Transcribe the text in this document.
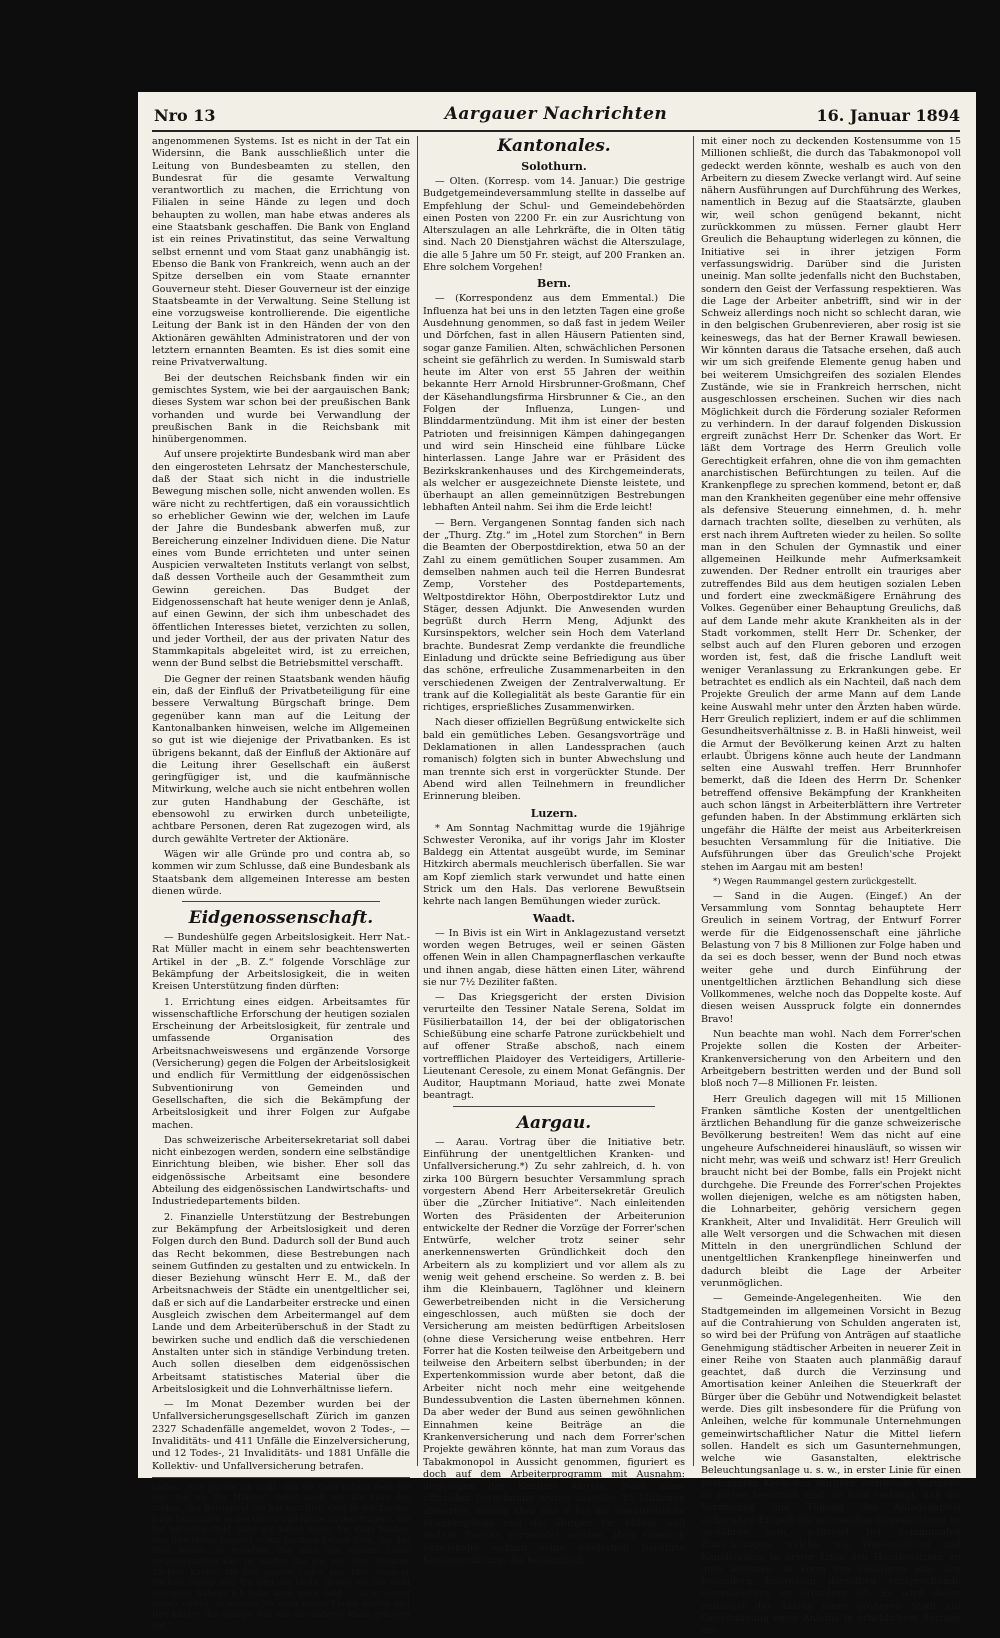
Nro 13	Aargauer Nachrichten	16. Januar 1894

angenommenen Systems. Ist es nicht in der Tat ein Widersinn, die Bank ausschließlich unter die Leitung von Bundesbeamten zu stellen, den Bundesrat für die gesamte Verwaltung verantwortlich zu machen, die Errichtung von Filialen in seine Hände zu legen und doch behaupten zu wollen, man habe etwas anderes als eine Staatsbank geschaffen. Die Bank von England ist ein reines Privatinstitut, das seine Verwaltung selbst ernennt und vom Staat ganz unabhängig ist. Ebenso die Bank von Frankreich, wenn auch an der Spitze derselben ein vom Staate ernannter Gouverneur steht. Dieser Gouverneur ist der einzige Staatsbeamte in der Verwaltung. Seine Stellung ist eine vorzugsweise kontrollierende. Die eigentliche Leitung der Bank ist in den Händen der von den Aktionären gewählten Administratoren und der von letztern ernannten Beamten. Es ist dies somit eine reine Privatverwaltung.

Bei der deutschen Reichsbank finden wir ein gemischtes System, wie bei der aargauischen Bank; dieses System war schon bei der preußischen Bank vorhanden und wurde bei Verwandlung der preußischen Bank in die Reichsbank mit hinübergenommen.

Auf unsere projektirte Bundesbank wird man aber den eingerosteten Lehrsatz der Manchesterschule, daß der Staat sich nicht in die industrielle Bewegung mischen solle, nicht anwenden wollen. Es wäre nicht zu rechtfertigen, daß ein voraussichtlich so erheblicher Gewinn wie der, welchen im Laufe der Jahre die Bundesbank abwerfen muß, zur Bereicherung einzelner Individuen diene. Die Natur eines vom Bunde errichteten und unter seinen Auspicien verwalteten Instituts verlangt von selbst, daß dessen Vortheile auch der Gesammtheit zum Gewinn gereichen. Das Budget der Eidgenossenschaft hat heute weniger denn je Anlaß, auf einen Gewinn, der sich ihm unbeschadet des öffentlichen Interesses bietet, verzichten zu sollen, und jeder Vortheil, der aus der privaten Natur des Stammkapitals abgeleitet wird, ist zu erreichen, wenn der Bund selbst die Betriebsmittel verschafft.

Die Gegner der reinen Staatsbank wenden häufig ein, daß der Einfluß der Privatbeteiligung für eine bessere Verwaltung Bürgschaft bringe. Dem gegenüber kann man auf die Leitung der Kantonalbanken hinweisen, welche im Allgemeinen so gut ist wie diejenige der Privatbanken. Es ist übrigens bekannt, daß der Einfluß der Aktionäre auf die Leitung ihrer Gesellschaft ein äußerst geringfügiger ist, und die kaufmännische Mitwirkung, welche auch sie nicht entbehren wollen zur guten Handhabung der Geschäfte, ist ebensowohl zu erwirken durch unbeteiligte, achtbare Personen, deren Rat zugezogen wird, als durch gewählte Vertreter der Aktionäre.

Wägen wir alle Gründe pro und contra ab, so kommen wir zum Schlusse, daß eine Bundesbank als Staatsbank dem allgemeinen Interesse am besten dienen würde.

Eidgenossenschaft.

— Bundeshülfe gegen Arbeitslosigkeit. Herr Nat.-Rat Müller macht in einem sehr beachtenswerten Artikel in der „B. Z.“ folgende Vorschläge zur Bekämpfung der Arbeitslosigkeit, die in weiten Kreisen Unterstützung finden dürften:

1. Errichtung eines eidgen. Arbeitsamtes für wissenschaftliche Erforschung der heutigen sozialen Erscheinung der Arbeitslosigkeit, für zentrale und umfassende Organisation des Arbeitsnachweiswesens und ergänzende Vorsorge (Versicherung) gegen die Folgen der Arbeitslosigkeit und endlich für Vermittlung der eidgenössischen Subventionirung von Gemeinden und Gesellschaften, die sich die Bekämpfung der Arbeitslosigkeit und ihrer Folgen zur Aufgabe machen.

Das schweizerische Arbeitersekretariat soll dabei nicht einbezogen werden, sondern eine selbständige Einrichtung bleiben, wie bisher. Eher soll das eidgenössische Arbeitsamt eine besondere Abteilung des eidgenössischen Landwirtschafts- und Industriedepartements bilden.

2. Finanzielle Unterstützung der Bestrebungen zur Bekämpfung der Arbeitslosigkeit und deren Folgen durch den Bund. Dadurch soll der Bund auch das Recht bekommen, diese Bestrebungen nach seinem Gutfinden zu gestalten und zu entwickeln. In dieser Beziehung wünscht Herr E. M., daß der Arbeitsnachweis der Städte ein unentgeltlicher sei, daß er sich auf die Landarbeiter erstrecke und einen Ausgleich zwischen dem Arbeitermangel auf dem Lande und dem Arbeiterüberschuß in der Stadt zu bewirken suche und endlich daß die verschiedenen Anstalten unter sich in ständige Verbindung treten. Auch sollen dieselben dem eidgenössischen Arbeitsamt statistisches Material über die Arbeitslosigkeit und die Lohnverhältnisse liefern.

— Im Monat Dezember wurden bei der Unfallversicherungsgesellschaft Zürich im ganzen 2327 Schadenfälle angemeldet, wovon 2 Todes-, — Invaliditäts- und 411 Unfälle die Einzelversicherung, und 12 Todes-, 21 Invaliditäts- und 1881 Unfälle die Kollektiv- und Unfallversicherung betrafen.

Laden. „Das glaube ich wohl, daß Sie Geld haben! Seht Sie nur 'mal an, Ihr Männer! Gebet auch nur die Frau des Diebes, des Betrügers! Sie hat natürlich Geld in der Tasche, trägt Diamanten in den Ohren und Ringe an den Fingern. Sie hat natürlich Geld, aber wir haben keins. Sie kann kaufen, was ihre Herze begehrt — wir besitzen keinen Cent, um das Brot wieder zu erstehen, das man uns unserm Leibe weggeschnitten hat. Ja, kaufen Sie nur ein, Mrs. Spencer Tucker! Kaufen Sie den ganzen Laden aus, Mrs. Spencer Tucker! Hören Sie! Wo sind die Leute, denen Sie das Geld gestohlen haben? Ich habe auch mein Geld — nicht genug haben sollten, so können Sie auch meine Kinder kaufen und Ihre Kinder, das einzige, was uns Ihr sauberer Mann gelassen hat.“

Kantonales.
Solothurn.

— Olten. (Korresp. vom 14. Januar.) Die gestrige Budgetgemeindeversammlung stellte in dasselbe auf Empfehlung der Schul- und Gemeindebehörden einen Posten von 2200 Fr. ein zur Ausrichtung von Alterszulagen an alle Lehrkräfte, die in Olten tätig sind. Nach 20 Dienstjahren wächst die Alterszulage, die alle 5 Jahre um 50 Fr. steigt, auf 200 Franken an. Ehre solchem Vorgehen!

Bern.

— (Korrespondenz aus dem Emmental.) Die Influenza hat bei uns in den letzten Tagen eine große Ausdehnung genommen, so daß fast in jedem Weiler und Dörfchen, fast in allen Häusern Patienten sind, sogar ganze Familien. Alten, schwächlichen Personen scheint sie gefährlich zu werden. In Sumiswald starb heute im Alter von erst 55 Jahren der weithin bekannte Herr Arnold Hirsbrunner-Großmann, Chef der Käsehandlungsfirma Hirsbrunner & Cie., an den Folgen der Influenza, Lungen- und Blinddarmentzündung. Mit ihm ist einer der besten Patrioten und freisinnigen Kämpen dahingegangen und wird sein Hinscheid eine fühlbare Lücke hinterlassen. Lange Jahre war er Präsident des Bezirkskrankenhauses und des Kirchgemeinderats, als welcher er ausgezeichnete Dienste leistete, und überhaupt an allen gemeinnützigen Bestrebungen lebhaften Anteil nahm. Sei ihm die Erde leicht!

— Bern. Vergangenen Sonntag fanden sich nach der „Thurg. Ztg.“ im „Hotel zum Storchen“ in Bern die Beamten der Oberpostdirektion, etwa 50 an der Zahl zu einem gemütlichen Souper zusammen. Am demselben nahmen auch teil die Herren Bundesrat Zemp, Vorsteher des Postdepartements, Weltpostdirektor Höhn, Oberpostdirektor Lutz und Stäger, dessen Adjunkt. Die Anwesenden wurden begrüßt durch Herrn Meng, Adjunkt des Kursinspektors, welcher sein Hoch dem Vaterland brachte. Bundesrat Zemp verdankte die freundliche Einladung und drückte seine Befriedigung aus über das schöne, erfreuliche Zusammenarbeiten in den verschiedenen Zweigen der Zentralverwaltung. Er trank auf die Kollegialität als beste Garantie für ein richtiges, ersprießliches Zusammenwirken.

Nach dieser offiziellen Begrüßung entwickelte sich bald ein gemütliches Leben. Gesangsvorträge und Deklamationen in allen Landessprachen (auch romanisch) folgten sich in bunter Abwechslung und man trennte sich erst in vorgerückter Stunde. Der Abend wird allen Teilnehmern in freundlicher Erinnerung bleiben.

Luzern.

* Am Sonntag Nachmittag wurde die 19jährige Schwester Veronika, auf ihr vorigs Jahr im Kloster Baldegg ein Attentat ausgeübt wurde, im Seminar Hitzkirch abermals meuchlerisch überfallen. Sie war am Kopf ziemlich stark verwundet und hatte einen Strick um den Hals. Das verlorene Bewußtsein kehrte nach langen Bemühungen wieder zurück.

Waadt.

— In Bivis ist ein Wirt in Anklagezustand versetzt worden wegen Betruges, weil er seinen Gästen offenen Wein in allen Champagnerflaschen verkaufte und ihnen angab, diese hätten einen Liter, während sie nur 7½ Deziliter faßten.

— Das Kriegsgericht der ersten Division verurteilte den Tessiner Natale Serena, Soldat im Füsilierbataillon 14, der bei der obligatorischen Schießübung eine scharfe Patrone zurückbehielt und auf offener Straße abschoß, nach einem vortrefflichen Plaidoyer des Verteidigers, Artillerie-Lieutenant Ceresole, zu einem Monat Gefängnis. Der Auditor, Hauptmann Moriaud, hatte zwei Monate beantragt.

Aargau.

— Aarau. Vortrag über die Initiative betr. Einführung der unentgeltlichen Kranken- und Unfallversicherung.*) Zu sehr zahlreich, d. h. von zirka 100 Bürgern besuchter Versammlung sprach vorgestern Abend Herr Arbeitersekretär Greulich über die „Zürcher Initiative“. Nach einleitenden Worten des Präsidenten der Arbeiterunion entwickelte der Redner die Vorzüge der Forrer'schen Entwürfe, welcher trotz seiner sehr anerkennenswerten Gründlichkeit doch den Arbeitern als zu kompliziert und vor allem als zu wenig weit gehend erscheine. So werden z. B. bei ihm die Kleinbauern, Taglöhner und kleinern Gewerbetreibenden nicht in die Versicherung eingeschlossen, auch müßten sie doch der Versicherung am meisten bedürftigen Arbeitslosen (ohne diese Versicherung weise entbehren. Herr Forrer hat die Kosten teilweise den Arbeitgebern und teilweise den Arbeitern selbst überbunden; in der Expertenkommission wurde aber betont, daß die Arbeiter nicht noch mehr eine weitgehende Bundessubvention die Lasten übernehmen können. Da aber weder der Bund aus seinen gewöhnlichen Einnahmen keine Beiträge an die Krankenversicherung und nach dem Forrer'schen Projekte gewähren könnte, hat man zum Voraus das Tabakmonopol in Aussicht genommen, figuriert es doch auf dem Arbeiterprogramm mit Ausnahm: derjenigen des Kantons Aargau. Nach einer offiziellen Berechnung würde dasselbe 15 Millionen abwerfen, wovon aber nur 8 für die unentgeltliche Krankenpflege und die übrigen für Militär und andere Zwecke verwendet werden. Herr Greulich entwickelte sodann seine wiederholt berührte Kostenrechnung, die bekanntlich

mit einer noch zu deckenden Kostensumme von 15 Millionen schließt, die durch das Tabakmonopol voll gedeckt werden könnte, weshalb es auch von den Arbeitern zu diesem Zwecke verlangt wird. Auf seine nähern Ausführungen auf Durchführung des Werkes, namentlich in Bezug auf die Staatsärzte, glauben wir, weil schon genügend bekannt, nicht zurückkommen zu müssen. Ferner glaubt Herr Greulich die Behauptung widerlegen zu können, die Initiative sei in ihrer jetzigen Form verfassungswidrig. Darüber sind die Juristen uneinig. Man sollte jedenfalls nicht den Buchstaben, sondern den Geist der Verfassung respektieren. Was die Lage der Arbeiter anbetrifft, sind wir in der Schweiz allerdings noch nicht so schlecht daran, wie in den belgischen Grubenrevieren, aber rosig ist sie keineswegs, das hat der Berner Krawall bewiesen. Wir könnten daraus die Tatsache ersehen, daß auch wir um sich greifende Elemente genug haben und bei weiterem Umsichgreifen des sozialen Elendes Zustände, wie sie in Frankreich herrschen, nicht ausgeschlossen erscheinen. Suchen wir dies nach Möglichkeit durch die Förderung sozialer Reformen zu verhindern. In der darauf folgenden Diskussion ergreift zunächst Herr Dr. Schenker das Wort. Er läßt dem Vortrage des Herrn Greulich volle Gerechtigkeit erfahren, ohne die von ihm gemachten anarchistischen Befürchtungen zu teilen. Auf die Krankenpflege zu sprechen kommend, betont er, daß man den Krankheiten gegenüber eine mehr offensive als defensive Steuerung einnehmen, d. h. mehr darnach trachten sollte, dieselben zu verhüten, als erst nach ihrem Auftreten wieder zu heilen. So sollte man in den Schulen der Gymnastik und einer allgemeinen Heilkunde mehr Aufmerksamkeit zuwenden. Der Redner entrollt ein trauriges aber zutreffendes Bild aus dem heutigen sozialen Leben und fordert eine zweckmäßigere Ernährung des Volkes. Gegenüber einer Behauptung Greulichs, daß auf dem Lande mehr akute Krankheiten als in der Stadt vorkommen, stellt Herr Dr. Schenker, der selbst auch auf den Fluren geboren und erzogen worden ist, fest, daß die frische Landluft weit weniger Veranlassung zu Erkrankungen gebe. Er betrachtet es endlich als ein Nachteil, daß nach dem Projekte Greulich der arme Mann auf dem Lande keine Auswahl mehr unter den Ärzten haben würde. Herr Greulich repliziert, indem er auf die schlimmen Gesundheitsverhältnisse z. B. in Haßli hinweist, weil die Armut der Bevölkerung keinen Arzt zu halten erlaubt. Übrigens könne auch heute der Landmann selten eine Auswahl treffen. Herr Brunnhofer bemerkt, daß die Ideen des Herrn Dr. Schenker betreffend offensive Bekämpfung der Krankheiten auch schon längst in Arbeiterblättern ihre Vertreter gefunden haben. In der Abstimmung erklärten sich ungefähr die Hälfte der meist aus Arbeiterkreisen besuchten Versammlung für die Initiative. Die Aufsführungen über das Greulich'sche Projekt stehen im Aargau mit am besten!

*) Wegen Raummangel gestern zurückgestellt.

— Sand in die Augen. (Eingef.) An der Versammlung vom Sonntag behauptete Herr Greulich in seinem Vortrag, der Entwurf Forrer werde für die Eidgenossenschaft eine jährliche Belastung von 7 bis 8 Millionen zur Folge haben und da sei es doch besser, wenn der Bund noch etwas weiter gehe und durch Einführung der unentgeltlichen ärztlichen Behandlung sich diese Vollkommenes, welche noch das Doppelte koste. Auf diesen weisen Ausspruck folgte ein donnerndes Bravo!

Nun beachte man wohl. Nach dem Forrer'schen Projekte sollen die Kosten der Arbeiter-Krankenversicherung von den Arbeitern und den Arbeitgebern bestritten werden und der Bund soll bloß noch 7—8 Millionen Fr. leisten.

Herr Greulich dagegen will mit 15 Millionen Franken sämtliche Kosten der unentgeltlichen ärztlichen Behandlung für die ganze schweizerische Bevölkerung bestreiten! Wem das nicht auf eine ungeheure Aufschneiderei hinausläuft, so wissen wir nicht mehr, was weiß und schwarz ist! Herr Greulich braucht nicht bei der Bombe, falls ein Projekt nicht durchgehe. Die Freunde des Forrer'schen Projektes wollen diejenigen, welche es am nötigsten haben, die Lohnarbeiter, gehörig versichern gegen Krankheit, Alter und Invalidität. Herr Greulich will alle Welt versorgen und die Schwachen mit diesen Mitteln in den unergründlichen Schlund der unentgeltlichen Krankenpflege hineinwerfen und dadurch bleibt die Lage der Arbeiter verunmöglichen.

— Gemeinde-Angelegenheiten. Wie den Stadtgemeinden im allgemeinen Vorsicht in Bezug auf die Contrahierung von Schulden angeraten ist, so wird bei der Prüfung von Anträgen auf staatliche Genehmigung städtischer Arbeiten in neuerer Zeit in einer Reihe von Staaten auch planmäßig darauf geachtet, daß durch die Verzinsung und Amortisation keiner Anleihen die Steuerkraft der Bürger über die Gebühr und Notwendigkeit belastet werde. Dies gilt insbesondere für die Prüfung von Anleihen, welche für kommunale Unternehmungen gemeinwirtschaftlicher Natur die Mittel liefern sollen. Handelt es sich um Gasunternehmungen, welche wie Gasanstalten, elektrische Beleuchtungsanlage u. s. w., in erster Linie für einen bestimmten Kreis von Bürgern werthvolle Vortheile zu bieten bestimmt sind, so wird verlangt, daß die Verzinsung und Tilgung des Anlagekapital sichernden Entgelt die notwendige Gegenleistung zu gewähren sein, während bei kommunalen Einrichtungen, welche, wie Wasserleitung und Kanalisation, in erster Linie den Hausbesitzern zu gute kommen, in Form von Gebühren eine den besondern Interessen derselben entsprechende Gegenleistung zu erfordern ist. Es wird daher umlängst der Antrag einer größeren Stadt auf Genehmigung einer Anleihe in erheblichem Betrage zur
